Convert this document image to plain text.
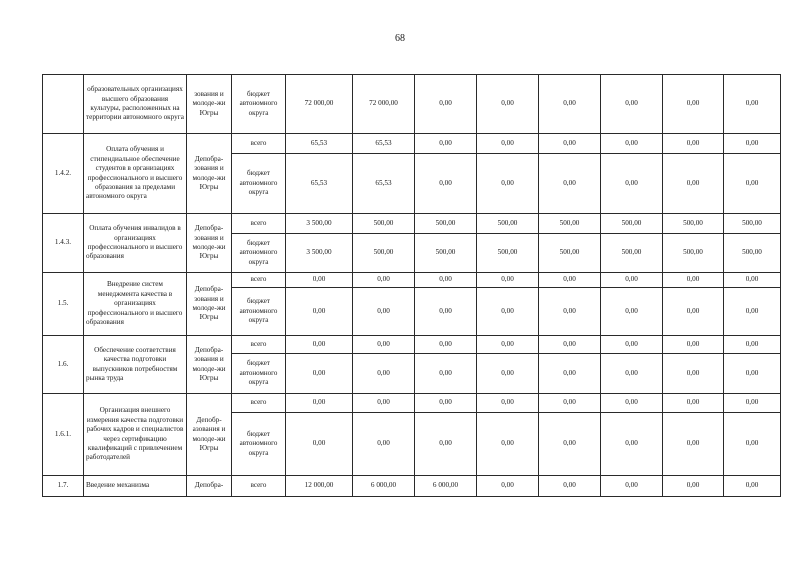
68
	образовательных организациях высшего образования культуры, расположенных на территории автономного округа	зования и молоде-жи Югры	бюджет автономного округа	72 000,00	72 000,00	0,00	0,00	0,00	0,00	0,00	0,00
1.4.2.	Оплата обучения и стипендиальное обеспечение студентов в организациях профессионального и высшего образования за пределами автономного округа	Депобра-зования и молоде-жи Югры	всего	65,53	65,53	0,00	0,00	0,00	0,00	0,00	0,00
			бюджет автономного округа	65,53	65,53	0,00	0,00	0,00	0,00	0,00	0,00
1.4.3.	Оплата обучения инвалидов в организациях профессионального и высшего образования	Депобра-зования и молоде-жи Югры	всего	3 500,00	500,00	500,00	500,00	500,00	500,00	500,00	500,00
			бюджет автономного округа	3 500,00	500,00	500,00	500,00	500,00	500,00	500,00	500,00
1.5.	Внедрение систем менеджмента качества в организациях профессионального и высшего образования	Депобра-зования и молоде-жи Югры	всего	0,00	0,00	0,00	0,00	0,00	0,00	0,00	0,00
			бюджет автономного округа	0,00	0,00	0,00	0,00	0,00	0,00	0,00	0,00
1.6.	Обеспечение соответствия качества подготовки выпускников потребностям рынка труда	Депобра-зования и молоде-жи Югры	всего	0,00	0,00	0,00	0,00	0,00	0,00	0,00	0,00
			бюджет автономного округа	0,00	0,00	0,00	0,00	0,00	0,00	0,00	0,00
1.6.1.	Организация внешнего измерения качества подготовки рабочих кадров и специалистов через сертификацию квалификаций с привлечением работодателей	Депобр-азования и молоде-жи Югры	всего	0,00	0,00	0,00	0,00	0,00	0,00	0,00	0,00
			бюджет автономного округа	0,00	0,00	0,00	0,00	0,00	0,00	0,00	0,00
1.7.	Введение механизма	Депобра-	всего	12 000,00	6 000,00	6 000,00	0,00	0,00	0,00	0,00	0,00
